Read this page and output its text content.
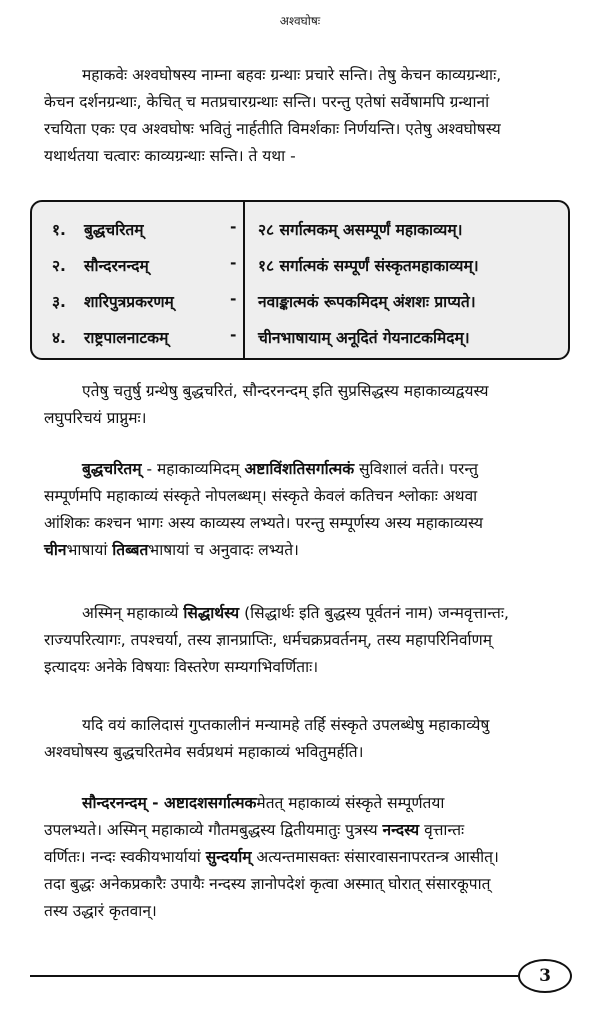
अश्वघोषः
महाकवेः अश्वघोषस्य नाम्ना बहवः ग्रन्थाः प्रचारे सन्ति। तेषु केचन काव्यग्रन्थाः,
केचन दर्शनग्रन्थाः, केचित् च मतप्रचारग्रन्थाः सन्ति। परन्तु एतेषां सर्वेषामपि ग्रन्थानां
रचयिता एकः एव अश्वघोषः भवितुं नार्हतीति विमर्शकाः निर्णयन्ति। एतेषु अश्वघोषस्य
यथार्थतया चत्वारः काव्यग्रन्थाः सन्ति। ते यथा -
१. बुद्धचरितम्	- २८ सर्गात्मकम् असम्पूर्णं महाकाव्यम्।
२. सौन्दरनन्दम्	- १८ सर्गात्मकं सम्पूर्णं संस्कृतमहाकाव्यम्।
३. शारिपुत्रप्रकरणम्	- नवाङ्कात्मकं रूपकमिदम् अंशशः प्राप्यते।
४. राष्ट्रपालनाटकम्	- चीनभाषायाम् अनूदितं गेयनाटकमिदम्।
एतेषु चतुर्षु ग्रन्थेषु बुद्धचरितं, सौन्दरनन्दम् इति सुप्रसिद्धस्य महाकाव्यद्वयस्य
लघुपरिचयं प्राप्नुमः।
बुद्धचरितम् - महाकाव्यमिदम् अष्टाविंशतिसर्गात्मकं सुविशालं वर्तते। परन्तु
सम्पूर्णमपि महाकाव्यं संस्कृते नोपलब्धम्। संस्कृते केवलं कतिचन श्लोकाः अथवा
आंशिकः कश्चन भागः अस्य काव्यस्य लभ्यते। परन्तु सम्पूर्णस्य अस्य महाकाव्यस्य
चीनभाषायां तिब्बतभाषायां च अनुवादः लभ्यते।
अस्मिन् महाकाव्ये सिद्धार्थस्य (सिद्धार्थः इति बुद्धस्य पूर्वतनं नाम) जन्मवृत्तान्तः,
राज्यपरित्यागः, तपश्चर्या, तस्य ज्ञानप्राप्तिः, धर्मचक्रप्रवर्तनम्, तस्य महापरिनिर्वाणम्
इत्यादयः अनेके विषयाः विस्तरेण सम्यगभिवर्णिताः।
यदि वयं कालिदासं गुप्तकालीनं मन्यामहे तर्हि संस्कृते उपलब्धेषु महाकाव्येषु
अश्वघोषस्य बुद्धचरितमेव सर्वप्रथमं महाकाव्यं भवितुमर्हति।
सौन्दरनन्दम् - अष्टादशसर्गात्मकमेतत् महाकाव्यं संस्कृते सम्पूर्णतया
उपलभ्यते। अस्मिन् महाकाव्ये गौतमबुद्धस्य द्वितीयमातुः पुत्रस्य नन्दस्य वृत्तान्तः
वर्णितः। नन्दः स्वकीयभार्यायां सुन्दर्याम् अत्यन्तमासक्तः संसारवासनापरतन्त्र आसीत्।
तदा बुद्धः अनेकप्रकारैः उपायैः नन्दस्य ज्ञानोपदेशं कृत्वा अस्मात् घोरात् संसारकूपात्
तस्य उद्धारं कृतवान्।
3
